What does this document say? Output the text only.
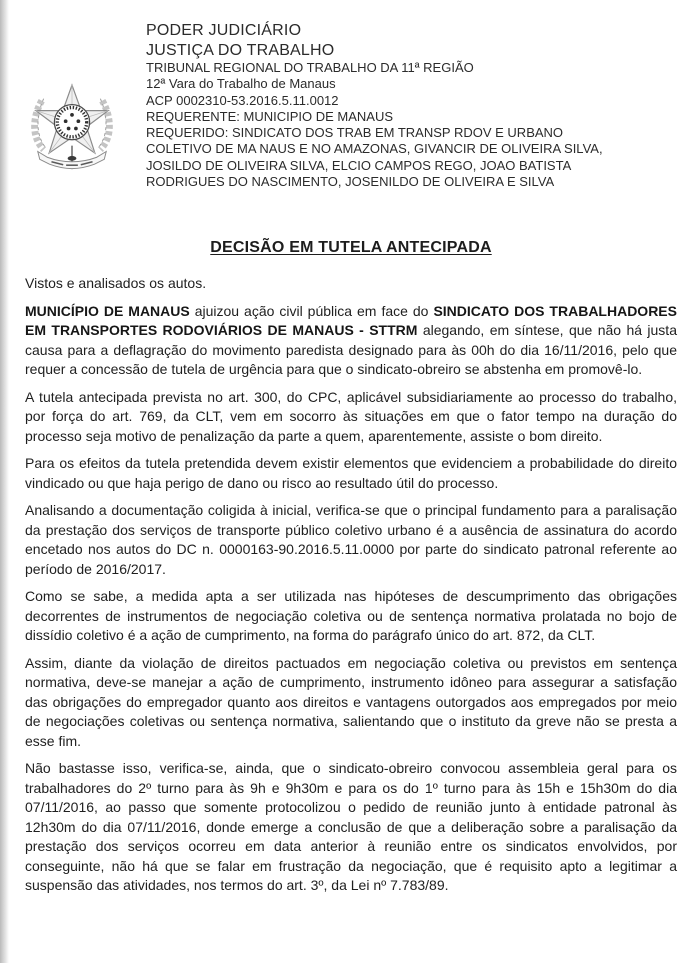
PODER JUDICIÁRIO
JUSTIÇA DO TRABALHO
TRIBUNAL REGIONAL DO TRABALHO DA 11ª REGIÃO
12ª Vara do Trabalho de Manaus
ACP 0002310-53.2016.5.11.0012
REQUERENTE: MUNICIPIO DE MANAUS
REQUERIDO: SINDICATO DOS TRAB EM TRANSP RDOV E URBANO COLETIVO DE MA NAUS E NO AMAZONAS, GIVANCIR DE OLIVEIRA SILVA, JOSILDO DE OLIVEIRA SILVA, ELCIO CAMPOS REGO, JOAO BATISTA RODRIGUES DO NASCIMENTO, JOSENILDO DE OLIVEIRA E SILVA
DECISÃO EM TUTELA ANTECIPADA

Vistos e analisados os autos.

MUNICÍPIO DE MANAUS ajuizou ação civil pública em face do SINDICATO DOS TRABALHADORES EM TRANSPORTES RODOVIÁRIOS DE MANAUS - STTRM alegando, em síntese, que não há justa causa para a deflagração do movimento paredista designado para às 00h do dia 16/11/2016, pelo que requer a concessão de tutela de urgência para que o sindicato-obreiro se abstenha em promovê-lo.

A tutela antecipada prevista no art. 300, do CPC, aplicável subsidiariamente ao processo do trabalho, por força do art. 769, da CLT, vem em socorro às situações em que o fator tempo na duração do processo seja motivo de penalização da parte a quem, aparentemente, assiste o bom direito.

Para os efeitos da tutela pretendida devem existir elementos que evidenciem a probabilidade do direito vindicado ou que haja perigo de dano ou risco ao resultado útil do processo.

Analisando a documentação coligida à inicial, verifica-se que o principal fundamento para a paralisação da prestação dos serviços de transporte público coletivo urbano é a ausência de assinatura do acordo encetado nos autos do DC n. 0000163-90.2016.5.11.0000 por parte do sindicato patronal referente ao período de 2016/2017.

Como se sabe, a medida apta a ser utilizada nas hipóteses de descumprimento das obrigações decorrentes de instrumentos de negociação coletiva ou de sentença normativa prolatada no bojo de dissídio coletivo é a ação de cumprimento, na forma do parágrafo único do art. 872, da CLT.

Assim, diante da violação de direitos pactuados em negociação coletiva ou previstos em sentença normativa, deve-se manejar a ação de cumprimento, instrumento idôneo para assegurar a satisfação das obrigações do empregador quanto aos direitos e vantagens outorgados aos empregados por meio de negociações coletivas ou sentença normativa, salientando que o instituto da greve não se presta a esse fim.

Não bastasse isso, verifica-se, ainda, que o sindicato-obreiro convocou assembleia geral para os trabalhadores do 2º turno para às 9h e 9h30m e para os do 1º turno para às 15h e 15h30m do dia 07/11/2016, ao passo que somente protocolizou o pedido de reunião junto à entidade patronal às 12h30m do dia 07/11/2016, donde emerge a conclusão de que a deliberação sobre a paralisação da prestação dos serviços ocorreu em data anterior à reunião entre os sindicatos envolvidos, por conseguinte, não há que se falar em frustração da negociação, que é requisito apto a legitimar a suspensão das atividades, nos termos do art. 3º, da Lei nº 7.783/89.
